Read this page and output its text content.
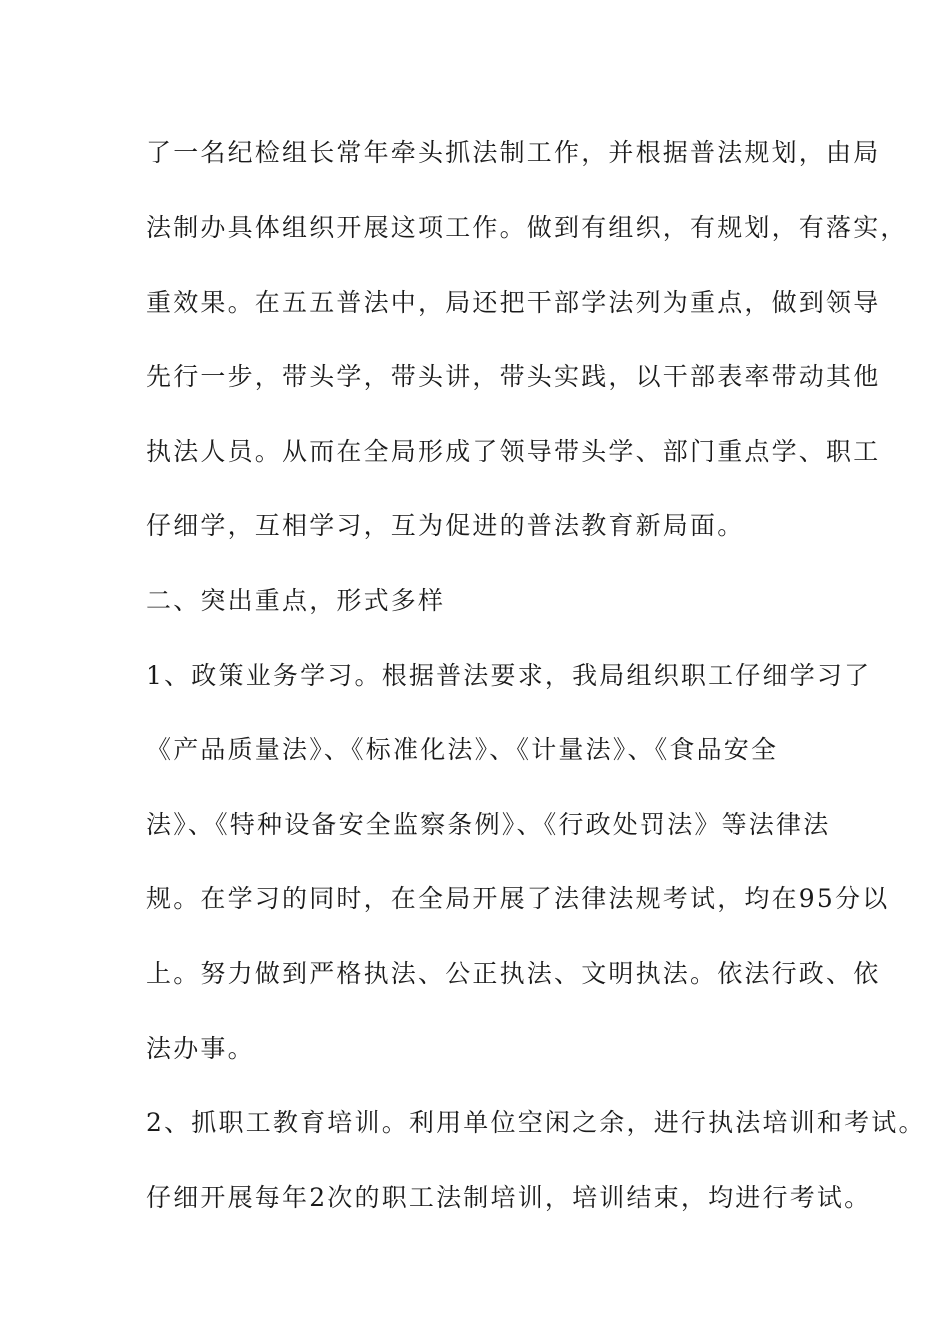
了一名纪检组长常年牵头抓法制工作，并根据普法规划，由局
法制办具体组织开展这项工作。做到有组织，有规划，有落实，
重效果。在五五普法中，局还把干部学法列为重点，做到领导
先行一步，带头学，带头讲，带头实践，以干部表率带动其他
执法人员。从而在全局形成了领导带头学、部门重点学、职工
仔细学，互相学习，互为促进的普法教育新局面。
二、突出重点，形式多样
1、政策业务学习。根据普法要求，我局组织职工仔细学习了
《产品质量法》、《标准化法》、《计量法》、《食品安全
法》、《特种设备安全监察条例》、《行政处罚法》等法律法
规。在学习的同时，在全局开展了法律法规考试，均在95分以
上。努力做到严格执法、公正执法、文明执法。依法行政、依
法办事。
2、抓职工教育培训。利用单位空闲之余，进行执法培训和考试。
仔细开展每年2次的职工法制培训，培训结束，均进行考试。
